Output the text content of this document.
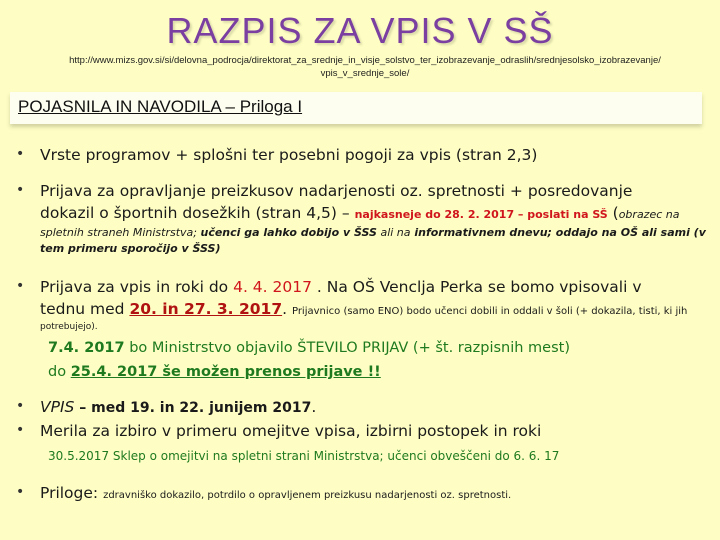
RAZPIS ZA VPIS V SŠ
http://www.mizs.gov.si/si/delovna_podrocja/direktorat_za_srednje_in_visje_solstvo_ter_izobrazevanje_odraslih/srednjesolsko_izobrazevanje/
vpis_v_srednje_sole/
POJASNILA IN NAVODILA – Priloga I
• Vrste programov + splošni ter posebni pogoji za vpis (stran 2,3)
• Prijava za opravljanje preizkusov nadarjenosti oz. spretnosti + posredovanje
dokazil o športnih dosežkih (stran 4,5) – najkasneje do 28. 2. 2017 – poslati na SŠ (obrazec na
spletnih straneh Ministrstva; učenci ga lahko dobijo v ŠSS ali na informativnem dnevu; oddajo na OŠ ali sami (v
tem primeru sporočijo v ŠSS)
• Prijava za vpis in roki do 4. 4. 2017 . Na OŠ Venclja Perka se bomo vpisovali v
tednu med 20. in 27. 3. 2017. Prijavnico (samo ENO) bodo učenci dobili in oddali v šoli (+ dokazila, tisti, ki jih
potrebujejo).
7.4. 2017 bo Ministrstvo objavilo ŠTEVILO PRIJAV (+ št. razpisnih mest)
do 25.4. 2017 še možen prenos prijave !!
• VPIS – med 19. in 22. junijem 2017.
• Merila za izbiro v primeru omejitve vpisa, izbirni postopek in roki
30.5.2017 Sklep o omejitvi na spletni strani Ministrstva; učenci obveščeni do 6. 6. 17
• Priloge: zdravniško dokazilo, potrdilo o opravljenem preizkusu nadarjenosti oz. spretnosti.
